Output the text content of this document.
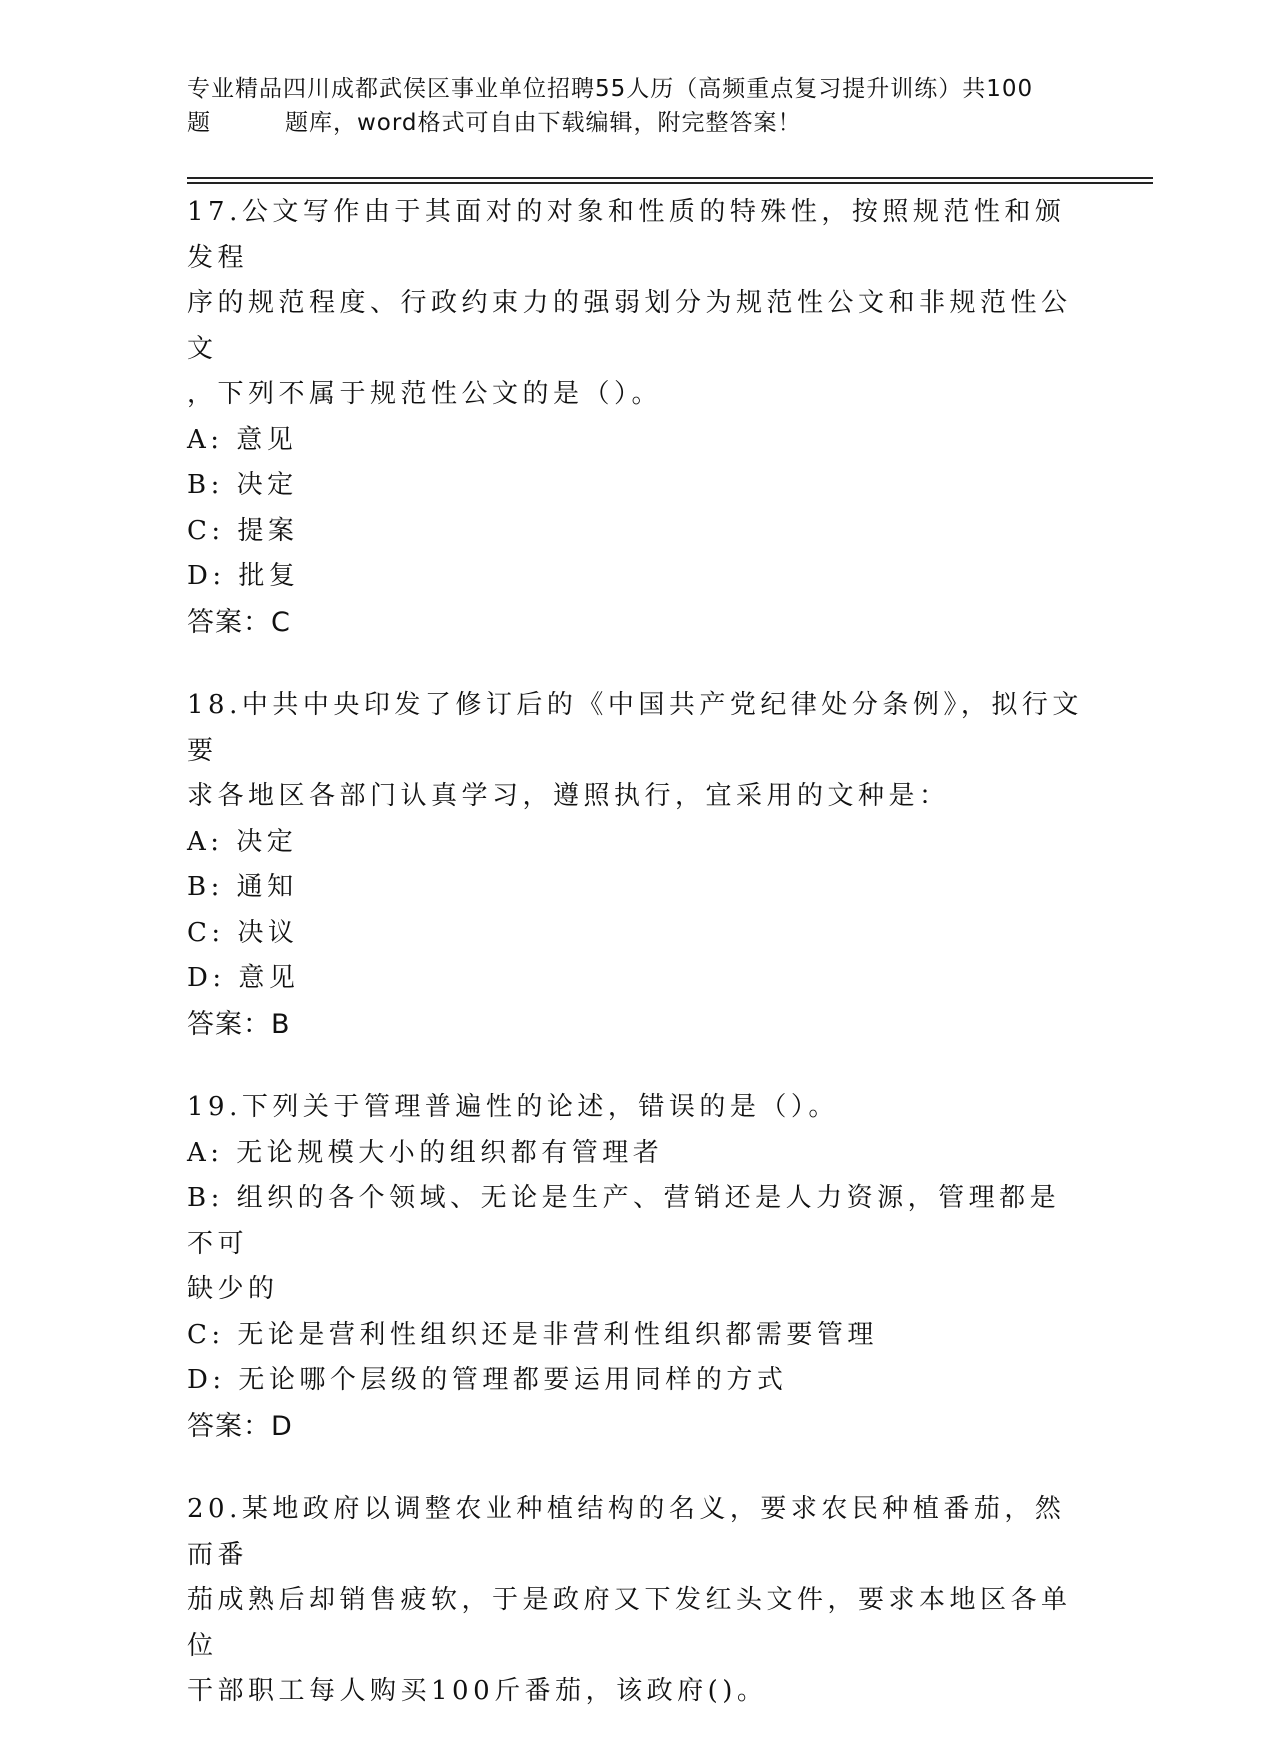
专业精品四川成都武侯区事业单位招聘55人历（高频重点复习提升训练）共100
题	题库，word格式可自由下载编辑，附完整答案！

17.公文写作由于其面对的对象和性质的特殊性，按照规范性和颁发程

序的规范程度、行政约束力的强弱划分为规范性公文和非规范性公文

，下列不属于规范性公文的是（）。

A: 意见

B: 决定

C: 提案

D: 批复

答案：C

18.中共中央印发了修订后的《中国共产党纪律处分条例》，拟行文要

求各地区各部门认真学习，遵照执行，宜采用的文种是：

A: 决定

B: 通知

C: 决议

D: 意见

答案：B

19.下列关于管理普遍性的论述，错误的是（）。

A: 无论规模大小的组织都有管理者

B: 组织的各个领域、无论是生产、营销还是人力资源，管理都是不可
缺少的

C: 无论是营利性组织还是非营利性组织都需要管理

D: 无论哪个层级的管理都要运用同样的方式

答案：D

20.某地政府以调整农业种植结构的名义，要求农民种植番茄，然而番

茄成熟后却销售疲软，于是政府又下发红头文件，要求本地区各单位

干部职工每人购买100斤番茄，该政府()。
